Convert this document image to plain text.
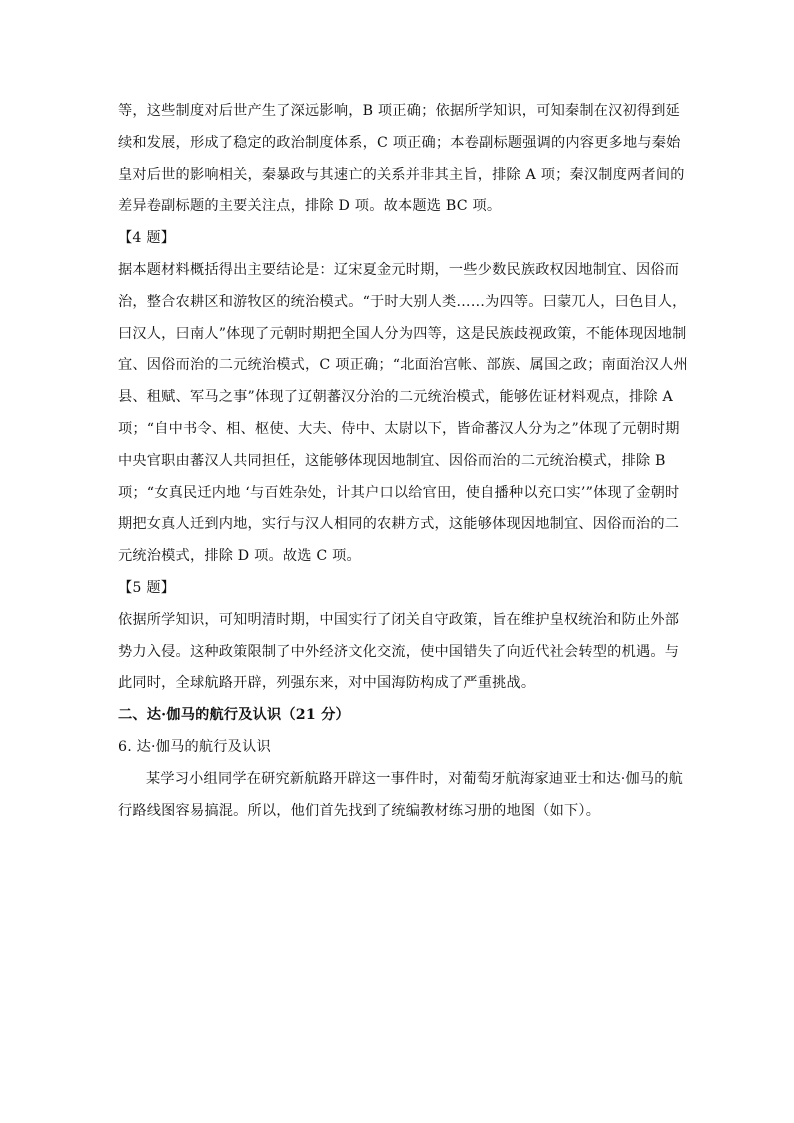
等，这些制度对后世产生了深远影响，B 项正确；依据所学知识，可知秦制在汉初得到延
续和发展，形成了稳定的政治制度体系，C 项正确；本卷副标题强调的内容更多地与秦始
皇对后世的影响相关，秦暴政与其速亡的关系并非其主旨，排除 A 项；秦汉制度两者间的
差异卷副标题的主要关注点，排除 D 项。故本题选 BC 项。
【4 题】
据本题材料概括得出主要结论是：辽宋夏金元时期，一些少数民族政权因地制宜、因俗而
治，整合农耕区和游牧区的统治模式。“于时大别人类……为四等。曰蒙兀人，曰色目人，
曰汉人，曰南人”体现了元朝时期把全国人分为四等，这是民族歧视政策，不能体现因地制
宜、因俗而治的二元统治模式，C 项正确；“北面治宫帐、部族、属国之政；南面治汉人州
县、租赋、军马之事”体现了辽朝蕃汉分治的二元统治模式，能够佐证材料观点，排除 A
项；“自中书令、相、枢使、大夫、侍中、太尉以下，皆命蕃汉人分为之”体现了元朝时期
中央官职由蕃汉人共同担任，这能够体现因地制宜、因俗而治的二元统治模式，排除 B
项；“女真民迁内地 ‘与百姓杂处，计其户口以给官田，使自播种以充口实’”体现了金朝时
期把女真人迁到内地，实行与汉人相同的农耕方式，这能够体现因地制宜、因俗而治的二
元统治模式，排除 D 项。故选 C 项。
【5 题】
依据所学知识，可知明清时期，中国实行了闭关自守政策，旨在维护皇权统治和防止外部
势力入侵。这种政策限制了中外经济文化交流，使中国错失了向近代社会转型的机遇。与
此同时，全球航路开辟，列强东来，对中国海防构成了严重挑战。
二、达·伽马的航行及认识（21 分）
6. 达·伽马的航行及认识
某学习小组同学在研究新航路开辟这一事件时，对葡萄牙航海家迪亚士和达·伽马的航
行路线图容易搞混。所以，他们首先找到了统编教材练习册的地图（如下）。
